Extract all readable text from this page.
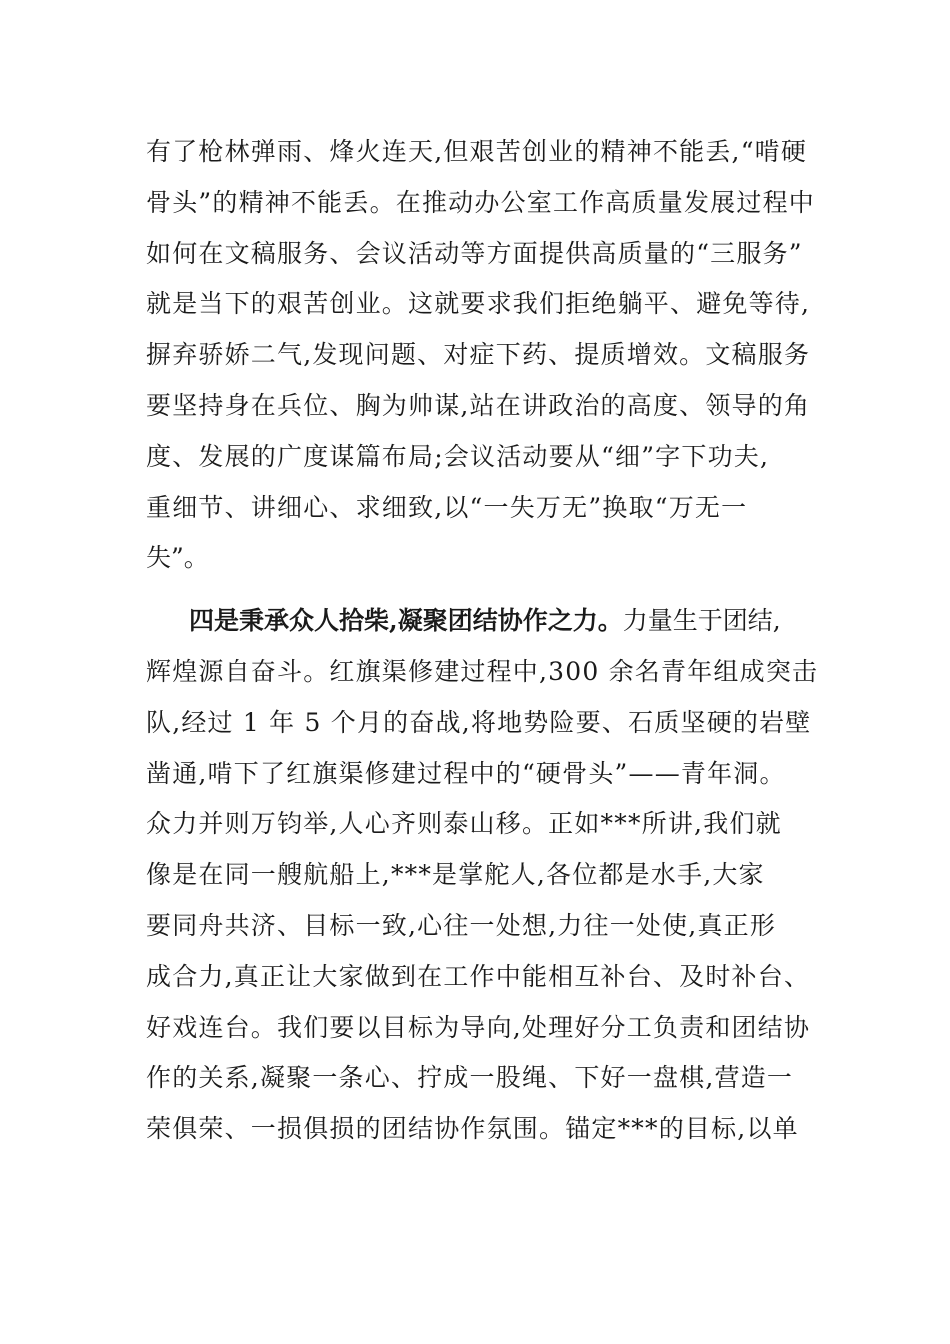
有了枪林弹雨、烽火连天,但艰苦创业的精神不能丢,“啃硬
骨头”的精神不能丢。在推动办公室工作高质量发展过程中
如何在文稿服务、会议活动等方面提供高质量的“三服务”
就是当下的艰苦创业。这就要求我们拒绝躺平、避免等待,
摒弃骄娇二气,发现问题、对症下药、提质增效。文稿服务
要坚持身在兵位、胸为帅谋,站在讲政治的高度、领导的角
度、发展的广度谋篇布局;会议活动要从“细”字下功夫,
重细节、讲细心、求细致,以“一失万无”换取“万无一
失”。
四是秉承众人拾柴,凝聚团结协作之力。力量生于团结,
辉煌源自奋斗。红旗渠修建过程中,300 余名青年组成突击
队,经过 1 年 5 个月的奋战,将地势险要、石质坚硬的岩壁
凿通,啃下了红旗渠修建过程中的“硬骨头”——青年洞。
众力并则万钧举,人心齐则泰山移。正如***所讲,我们就
像是在同一艘航船上,***是掌舵人,各位都是水手,大家
要同舟共济、目标一致,心往一处想,力往一处使,真正形
成合力,真正让大家做到在工作中能相互补台、及时补台、
好戏连台。我们要以目标为导向,处理好分工负责和团结协
作的关系,凝聚一条心、拧成一股绳、下好一盘棋,营造一
荣俱荣、一损俱损的团结协作氛围。锚定***的目标,以单
